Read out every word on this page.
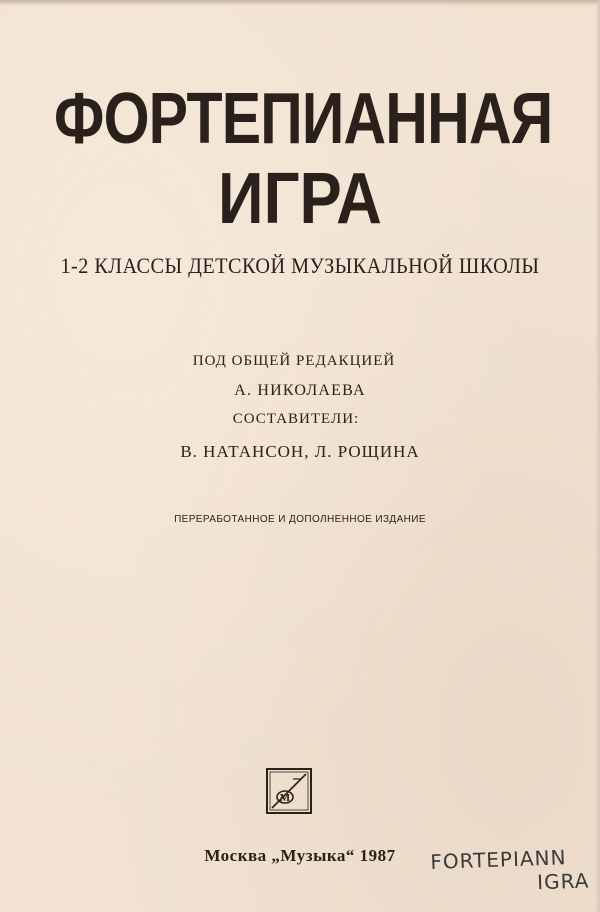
ФОРТЕПИАННАЯ
ИГРА
1-2 КЛАССЫ ДЕТСКОЙ МУЗЫКАЛЬНОЙ ШКОЛЫ
ПОД ОБЩЕЙ РЕДАКЦИЕЙ
А. НИКОЛАЕВА
СОСТАВИТЕЛИ:
В. НАТАНСОН, Л. РОЩИНА
ПЕРЕРАБОТАННОЕ И ДОПОЛНЕННОЕ ИЗДАНИЕ
М
Москва „Музыка“ 1987	FORTEPIANN
IGRA
